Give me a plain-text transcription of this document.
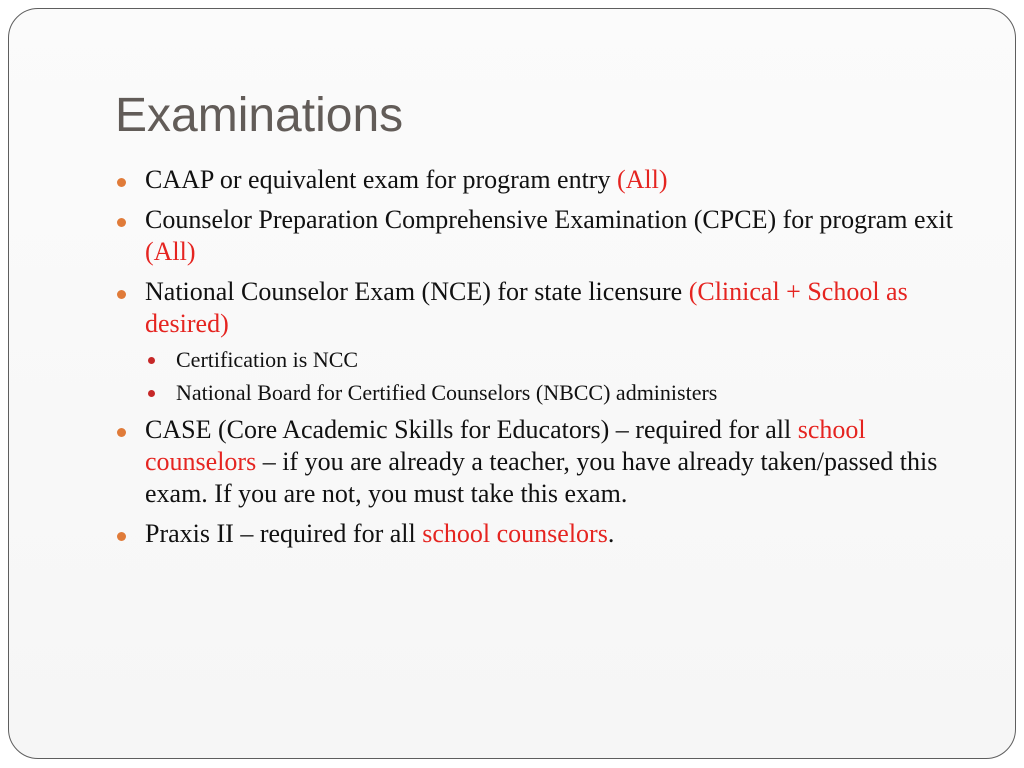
Examinations
CAAP or equivalent exam for program entry (All)
Counselor Preparation Comprehensive Examination (CPCE) for program exit (All)
National Counselor Exam (NCE) for state licensure (Clinical + School as desired)
Certification is NCC
National Board for Certified Counselors (NBCC) administers
CASE (Core Academic Skills for Educators) – required for all school counselors – if you are already a teacher, you have already taken/passed this exam. If you are not, you must take this exam.
Praxis II – required for all school counselors.
